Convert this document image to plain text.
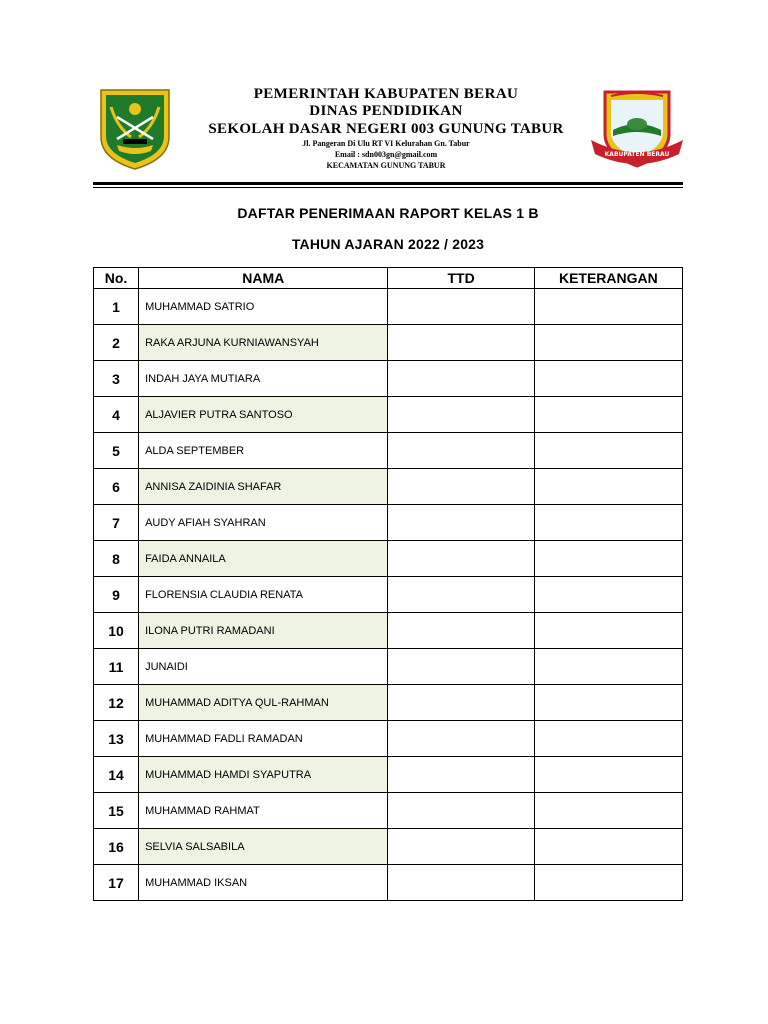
KABUPATEN BERAU
PEMERINTAH KABUPATEN BERAU
DINAS PENDIDIKAN
SEKOLAH DASAR NEGERI 003 GUNUNG TABUR
Jl. Pangeran Di Ulu RT VI Kelurahan Gn. Tabur
Email : sdn003gn@gmail.com
KECAMATAN GUNUNG TABUR
DAFTAR PENERIMAAN RAPORT KELAS 1 B
TAHUN AJARAN 2022 / 2023
No.	NAMA	TTD	KETERANGAN
1	MUHAMMAD SATRIO		
2	RAKA ARJUNA KURNIAWANSYAH		
3	INDAH JAYA MUTIARA		
4	ALJAVIER PUTRA SANTOSO		
5	ALDA SEPTEMBER		
6	ANNISA ZAIDINIA SHAFAR		
7	AUDY AFIAH SYAHRAN		
8	FAIDA ANNAILA		
9	FLORENSIA CLAUDIA RENATA		
10	ILONA PUTRI RAMADANI		
11	JUNAIDI		
12	MUHAMMAD ADITYA QUL-RAHMAN		
13	MUHAMMAD FADLI RAMADAN		
14	MUHAMMAD HAMDI SYAPUTRA		
15	MUHAMMAD RAHMAT		
16	SELVIA SALSABILA		
17	MUHAMMAD IKSAN		
